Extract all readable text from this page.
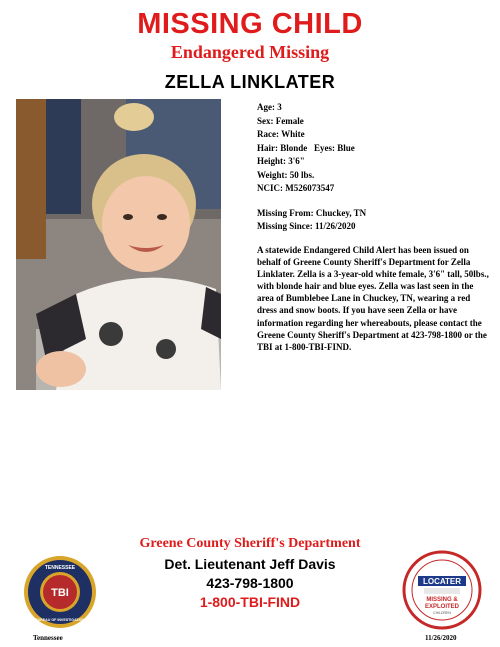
MISSING CHILD
Endangered Missing
ZELLA LINKLATER
Age: 3
Sex: Female
Race: White
Hair: Blonde   Eyes: Blue
Height: 3'6"
Weight: 50 lbs.
NCIC: M526073547
Missing From: Chuckey, TN
Missing Since: 11/26/2020
A statewide Endangered Child Alert has been issued on behalf of Greene County Sheriff's Department for Zella Linklater. Zella is a 3-year-old white female, 3'6" tall, 50lbs., with blonde hair and blue eyes. Zella was last seen in the area of Bumblebee Lane in Chuckey, TN, wearing a red dress and snow boots. If you have seen Zella or have information regarding her whereabouts, please contact the Greene County Sheriff's Department at 423-798-1800 or the TBI at 1-800-TBI-FIND.
Greene County Sheriff's Department
Det. Lieutenant Jeff Davis
423-798-1800
1-800-TBI-FIND
TENNESSEE
BUREAU OF INVESTIGATION
TBI
Tennessee
LOCATER
MISSING &
EXPLOITED
CHILDREN
11/26/2020
